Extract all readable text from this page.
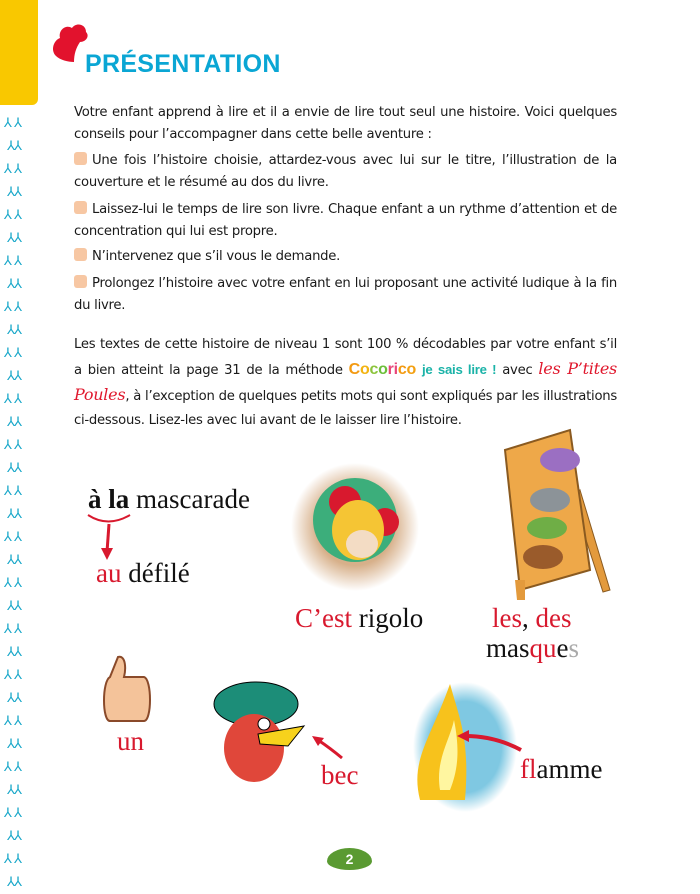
⅄ ⅄
⅄⅄
⅄ ⅄
⅄⅄
⅄ ⅄
⅄⅄
⅄ ⅄
⅄⅄
⅄ ⅄
⅄⅄
⅄ ⅄
⅄⅄
⅄ ⅄
⅄⅄
⅄ ⅄
⅄⅄
⅄ ⅄
⅄⅄
⅄ ⅄
⅄⅄
⅄ ⅄
⅄⅄
⅄ ⅄
⅄⅄
⅄ ⅄
⅄⅄
⅄ ⅄
⅄⅄
⅄ ⅄
⅄⅄
⅄ ⅄
⅄⅄
⅄ ⅄
⅄⅄

PRÉSENTATION

Votre enfant apprend à lire et il a envie de lire tout seul une histoire. Voici quelques conseils pour l’accompagner dans cette belle aventure :

Une fois l’histoire choisie, attardez-vous avec lui sur le titre, l’illustration de la couverture et le résumé au dos du livre.

Laissez-lui le temps de lire son livre. Chaque enfant a un rythme d’attention et de concentration qui lui est propre.

N’intervenez que s’il vous le demande.

Prolongez l’histoire avec votre enfant en lui proposant une activité ludique à la fin du livre.

Les textes de cette histoire de niveau 1 sont 100 % décodables par votre enfant s’il a bien atteint la page 31 de la méthode Cocorico je sais lire ! avec les P’tites Poules, à l’exception de quelques petits mots qui sont expliqués par les illustrations ci-dessous. Lisez-les avec lui avant de le laisser lire l’histoire.

à la mascarade
au défilé
C’est rigolo	les, des
masques
un
bec	flamme
2
